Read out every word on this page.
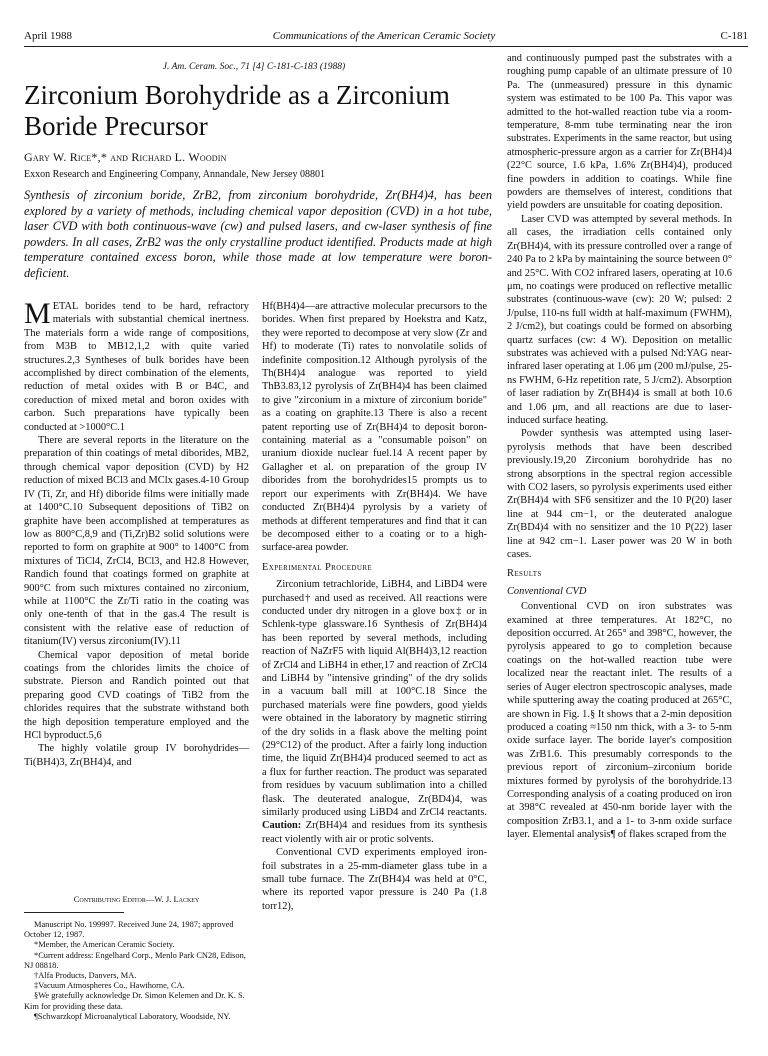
April 1988	Communications of the American Ceramic Society	C-181
J. Am. Ceram. Soc., 71 [4] C-181-C-183 (1988)
Zirconium Borohydride as a Zirconium
Boride Precursor
Gary W. Rice*,* and Richard L. Woodin
Exxon Research and Engineering Company, Annandale, New Jersey 08801
Synthesis of zirconium boride, ZrB2, from zirconium borohydride, Zr(BH4)4, has been explored by a variety of methods, including chemical vapor deposition (CVD) in a hot tube, laser CVD with both continuous-wave (cw) and pulsed lasers, and cw-laser synthesis of fine powders. In all cases, ZrB2 was the only crystalline product identified. Products made at high temperature contained excess boron, while those made at low temperature were boron-deficient.

METAL borides tend to be hard, refractory materials with substantial chemical inertness. The materials form a wide range of compositions, from M3B to MB12,1,2 with quite varied structures.2,3 Syntheses of bulk borides have been accomplished by direct combination of the elements, reduction of metal oxides with B or B4C, and coreduction of mixed metal and boron oxides with carbon. Such preparations have typically been conducted at >1000°C.1

There are several reports in the literature on the preparation of thin coatings of metal diborides, MB2, through chemical vapor deposition (CVD) by H2 reduction of mixed BCl3 and MClx gases.4-10 Group IV (Ti, Zr, and Hf) diboride films were initially made at 1400°C.10 Subsequent depositions of TiB2 on graphite have been accomplished at temperatures as low as 800°C,8,9 and (Ti,Zr)B2 solid solutions were reported to form on graphite at 900° to 1400°C from mixtures of TiCl4, ZrCl4, BCl3, and H2.8 However, Randich found that coatings formed on graphite at 900°C from such mixtures contained no zirconium, while at 1100°C the Zr/Ti ratio in the coating was only one-tenth of that in the gas.4 The result is consistent with the relative ease of reduction of titanium(IV) versus zirconium(IV).11

Chemical vapor deposition of metal boride coatings from the chlorides limits the choice of substrate. Pierson and Randich pointed out that preparing good CVD coatings of TiB2 from the chlorides requires that the substrate withstand both the high deposition temperature employed and the HCl byproduct.5,6

The highly volatile group IV borohydrides—Ti(BH4)3, Zr(BH4)4, and

Contributing Editor—W. J. Lackey
Manuscript No. 199997. Received June 24, 1987; approved October 12, 1987.
*Member, the American Ceramic Society.
*Current address: Engelhard Corp., Menlo Park CN28, Edison, NJ 08818.
†Alfa Products, Danvers, MA.
‡Vacuum Atmospheres Co., Hawthorne, CA.
§We gratefully acknowledge Dr. Simon Kelemen and Dr. K. S. Kim for providing these data.
¶Schwarzkopf Microanalytical Laboratory, Woodside, NY.

Hf(BH4)4—are attractive molecular precursors to the borides. When first prepared by Hoekstra and Katz, they were reported to decompose at very slow (Zr and Hf) to moderate (Ti) rates to nonvolatile solids of indefinite composition.12 Although pyrolysis of the Th(BH4)4 analogue was reported to yield ThB3.83,12 pyrolysis of Zr(BH4)4 has been claimed to give "zirconium in a mixture of zirconium boride" as a coating on graphite.13 There is also a recent patent reporting use of Zr(BH4)4 to deposit boron-containing material as a "consumable poison" on uranium dioxide nuclear fuel.14 A recent paper by Gallagher et al. on preparation of the group IV diborides from the borohydrides15 prompts us to report our experiments with Zr(BH4)4. We have conducted Zr(BH4)4 pyrolysis by a variety of methods at different temperatures and find that it can be decomposed either to a coating or to a high-surface-area powder.

Experimental Procedure

Zirconium tetrachloride, LiBH4, and LiBD4 were purchased† and used as received. All reactions were conducted under dry nitrogen in a glove box‡ or in Schlenk-type glassware.16 Synthesis of Zr(BH4)4 has been reported by several methods, including reaction of NaZrF5 with liquid Al(BH4)3,12 reaction of ZrCl4 and LiBH4 in ether,17 and reaction of ZrCl4 and LiBH4 by "intensive grinding" of the dry solids in a vacuum ball mill at 100°C.18 Since the purchased materials were fine powders, good yields were obtained in the laboratory by magnetic stirring of the dry solids in a flask above the melting point (29°C12) of the product. After a fairly long induction time, the liquid Zr(BH4)4 produced seemed to act as a flux for further reaction. The product was separated from residues by vacuum sublimation into a chilled flask. The deuterated analogue, Zr(BD4)4, was similarly produced using LiBD4 and ZrCl4 reactants. Caution: Zr(BH4)4 and residues from its synthesis react violently with air or protic solvents.

Conventional CVD experiments employed iron-foil substrates in a 25-mm-diameter glass tube in a small tube furnace. The Zr(BH4)4 was held at 0°C, where its reported vapor pressure is 240 Pa (1.8 torr12),

and continuously pumped past the substrates with a roughing pump capable of an ultimate pressure of 10 Pa. The (unmeasured) pressure in this dynamic system was estimated to be 100 Pa. This vapor was admitted to the hot-walled reaction tube via a room-temperature, 8-mm tube terminating near the iron substrates. Experiments in the same reactor, but using atmospheric-pressure argon as a carrier for Zr(BH4)4 (22°C source, 1.6 kPa, 1.6% Zr(BH4)4), produced fine powders in addition to coatings. While fine powders are themselves of interest, conditions that yield powders are unsuitable for coating deposition.

Laser CVD was attempted by several methods. In all cases, the irradiation cells contained only Zr(BH4)4, with its pressure controlled over a range of 240 Pa to 2 kPa by maintaining the source between 0° and 25°C. With CO2 infrared lasers, operating at 10.6 μm, no coatings were produced on reflective metallic substrates (continuous-wave (cw): 20 W; pulsed: 2 J/pulse, 110-ns full width at half-maximum (FWHM), 2 J/cm2), but coatings could be formed on absorbing quartz surfaces (cw: 4 W). Deposition on metallic substrates was achieved with a pulsed Nd:YAG near-infrared laser operating at 1.06 μm (200 mJ/pulse, 25-ns FWHM, 6-Hz repetition rate, 5 J/cm2). Absorption of laser radiation by Zr(BH4)4 is small at both 10.6 and 1.06 μm, and all reactions are due to laser-induced surface heating.

Powder synthesis was attempted using laser-pyrolysis methods that have been described previously.19,20 Zirconium borohydride has no strong absorptions in the spectral region accessible with CO2 lasers, so pyrolysis experiments used either Zr(BH4)4 with SF6 sensitizer and the 10 P(20) laser line at 944 cm−1, or the deuterated analogue Zr(BD4)4 with no sensitizer and the 10 P(22) laser line at 942 cm−1. Laser power was 20 W in both cases.

Results
Conventional CVD

Conventional CVD on iron substrates was examined at three temperatures. At 182°C, no deposition occurred. At 265° and 398°C, however, the pyrolysis appeared to go to completion because coatings on the hot-walled reaction tube were localized near the reactant inlet. The results of a series of Auger electron spectroscopic analyses, made while sputtering away the coating produced at 265°C, are shown in Fig. 1.§ It shows that a 2-min deposition produced a coating ≈150 nm thick, with a 3- to 5-nm oxide surface layer. The boride layer's composition was ZrB1.6. This presumably corresponds to the previous report of zirconium–zirconium boride mixtures formed by pyrolysis of the borohydride.13 Corresponding analysis of a coating produced on iron at 398°C revealed at 450-nm boride layer with the composition ZrB3.1, and a 1- to 3-nm oxide surface layer. Elemental analysis¶ of flakes scraped from the
